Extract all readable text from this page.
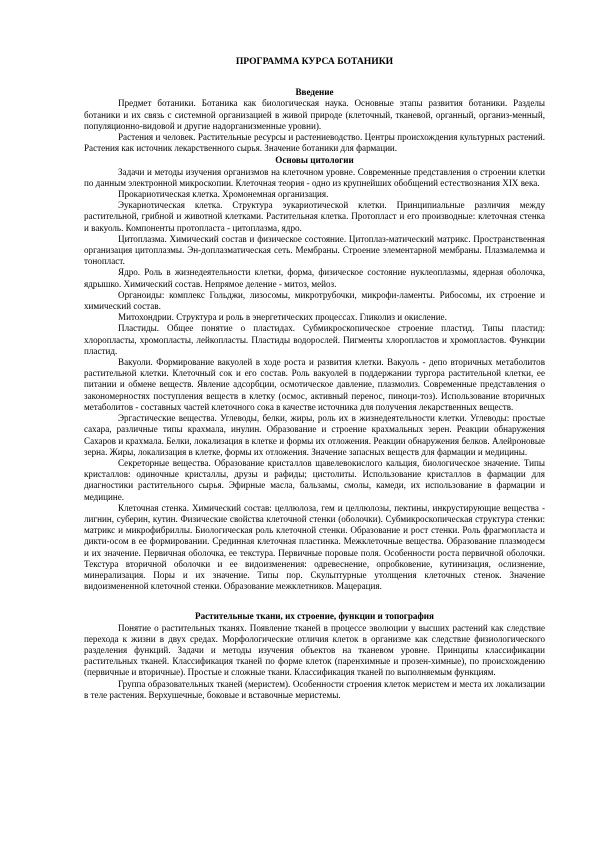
ПРОГРАММА КУРСА БОТАНИКИ
Введение

Предмет ботаники. Ботаника как биологическая наука. Основные этапы развития ботаники. Разделы ботаники и их связь с системной организацией в живой природе (клеточный, тканевой, органный, организ-менный, популяционно-видовой и другие надорганизменные уровни).

Растения и человек. Растительные ресурсы и растениеводство. Центры происхождения культурных растений. Растения как источник лекарственного сырья. Значение ботаники для фармации.

Основы цитологии

Задачи и методы изучения организмов на клеточном уровне. Современные представления о строении клетки по данным электронной микроскопии. Клеточная теория - одно из крупнейших обобщений естествознания XIX века.

Прокариотическая клетка. Хромонемная организация.

Эукариотическая клетка. Структура эукариотической клетки. Принципиальные различия между растительной, грибной и животной клетками. Растительная клетка. Протопласт и его производные: клеточная стенка и вакуоль. Компоненты протопласта - цитоплазма, ядро.

Цитоплазма. Химический состав и физическое состояние. Цитоплаз-матический матрикс. Пространственная организация цитоплазмы. Эн-доплазматическая сеть. Мембраны. Строение элементарной мембраны. Плазмалемма и тонопласт.

Ядро. Роль в жизнедеятельности клетки, форма, физическое состояние нуклеоплазмы, ядерная оболочка, ядрышко. Химический состав. Непрямое деление - митоз, мейоз.

Органоиды: комплекс Гольджи, лизосомы, микротрубочки, микрофи-ламенты. Рибосомы, их строение и химический состав.

Митохондрии. Структура и роль в энергетических процессах. Гликолиз и окисление.

Пластиды. Общее понятие о пластидах. Субмикроскопическое строение пластид. Типы пластид: хлоропласты, хромопласты, лейкопласты. Пластиды водорослей. Пигменты хлоропластов и хромопластов. Функции пластид.

Вакуоли. Формирование вакуолей в ходе роста и развития клетки. Вакуоль - депо вторичных метаболитов растительной клетки. Клеточный сок и его состав. Роль вакуолей в поддержании тургора растительной клетки, ее питании и обмене веществ. Явление адсорбции, осмотическое давление, плазмолиз. Современные представления о закономерностях поступления веществ в клетку (осмос, активный перенос, пиноци-тоз). Использование вторичных метаболитов - составных частей клеточного сока в качестве источника для получения лекарственных веществ.

Эргастические вещества. Углеводы, белки, жиры, роль их в жизнедеятельности клетки. Углеводы: простые сахара, различные типы крахмала, инулин. Образование и строение крахмальных зерен. Реакции обнаружения Сахаров и крахмала. Белки, локализация в клетке и формы их отложения. Реакции обнаружения белков. Алейроновые зерна. Жиры, локализация в клетке, формы их отложения. Значение запасных веществ для фармации и медицины.

Секреторные вещества. Образование кристаллов щавелевокислого кальция, биологическое значение. Типы кристаллов: одиночные кристаллы, друзы и рафиды; цистолиты. Использование кристаллов в фармации для диагностики растительного сырья. Эфирные масла, бальзамы, смолы, камеди, их использование в фармации и медицине.

Клеточная стенка. Химический состав: целлюлоза, гем и целлюлозы, пектины, инкрустирующие вещества - лигнин, суберин, кутин. Физические свойства клеточной стенки (оболочки). Субмикроскопическая структура стенки: матрикс и микрофибриллы. Биологическая роль клеточной стенки. Образование и рост стенки. Роль фрагмопласта и дикти-осом в ее формировании. Срединная клеточная пластинка. Межклеточные вещества. Образование плазмодесм и их значение. Первичная оболочка, ее текстура. Первичные поровые поля. Особенности роста первичной оболочки. Текстура вторичной оболочки и ее видоизменения: одревеснение, опробковение, кутинизация, ослизнение, минерализация. Поры и их значение. Типы пор. Скульптурные утолщения клеточных стенок. Значение видоизмененной клеточной стенки. Образование межклетников. Мацерация.

Растительные ткани, их строение, функции и топография

Понятие о растительных тканях. Появление тканей в процессе эволюции у высших растений как следствие перехода к жизни в двух средах. Морфологические отличия клеток в организме как следствие физиологического разделения функций. Задачи и методы изучения объектов на тканевом уровне. Принципы классификации растительных тканей. Классификация тканей по форме клеток (паренхимные и прозен-химные), по происхождению (первичные и вторичные). Простые и сложные ткани. Классификация тканей по выполняемым функциям.

Группа образовательных тканей (меристем). Особенности строения клеток меристем и места их локализации в теле растения. Верхушечные, боковые и вставочные меристемы.
